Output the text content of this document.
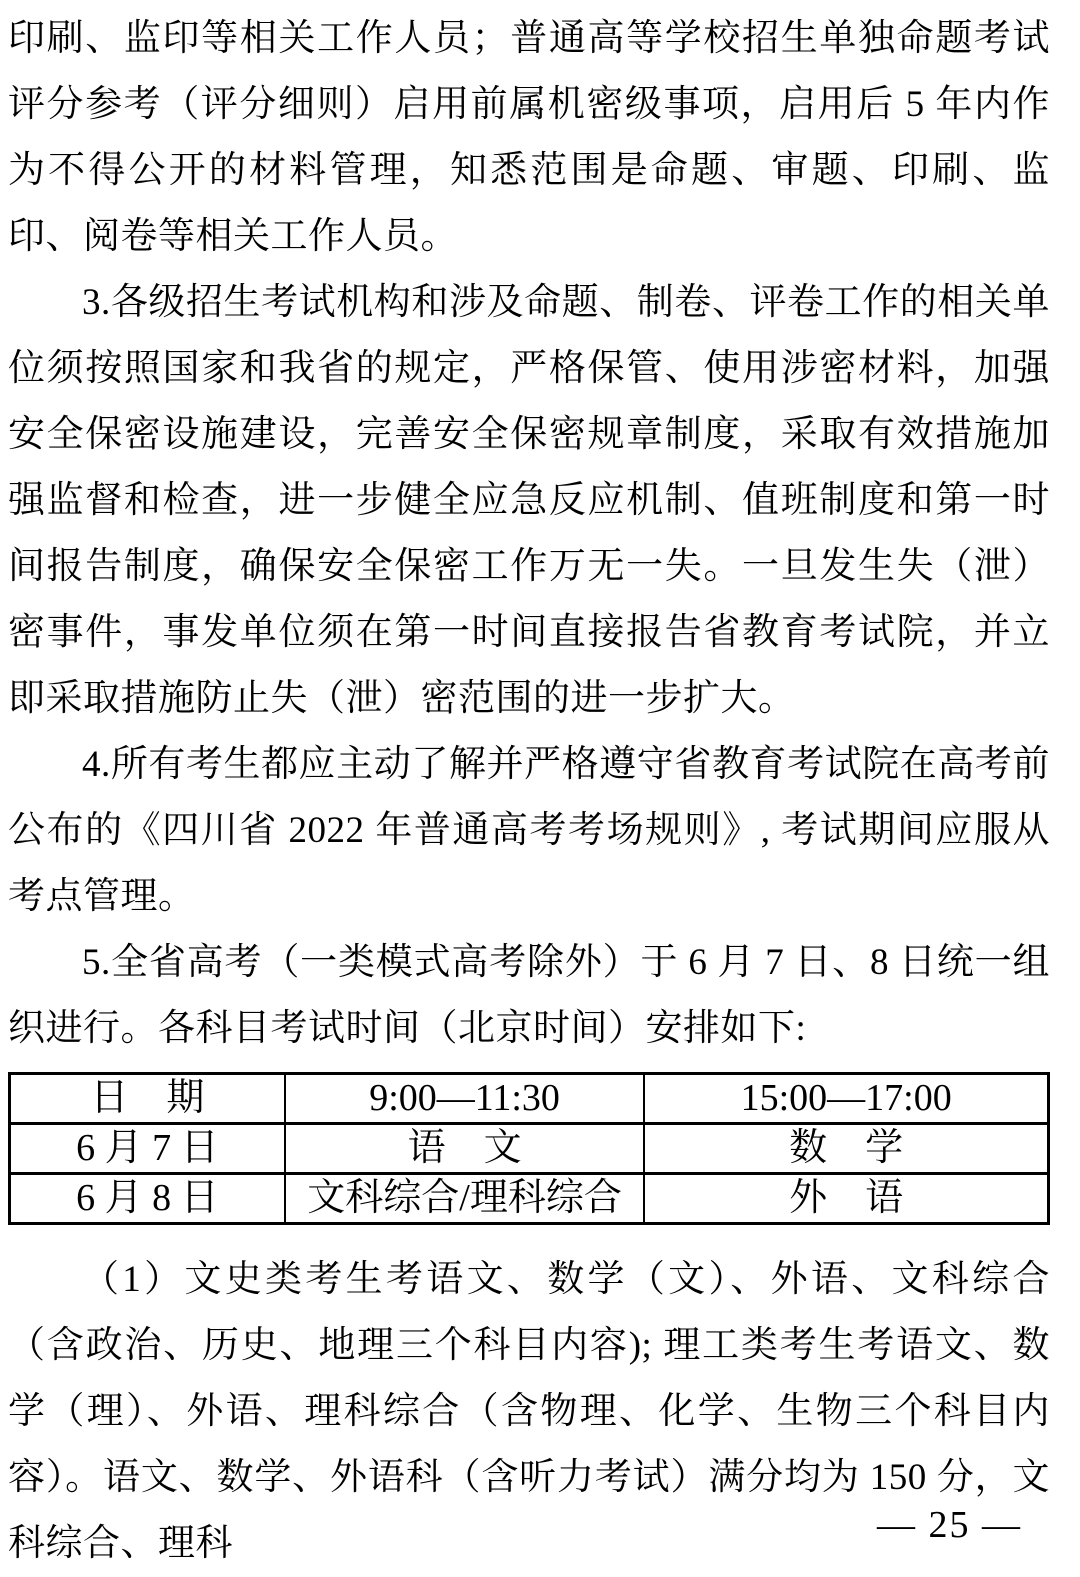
印刷、监印等相关工作人员；普通高等学校招生单独命题考试评分参考（评分细则）启用前属机密级事项，启用后 5 年内作为不得公开的材料管理，知悉范围是命题、审题、印刷、监印、阅卷等相关工作人员。

3.各级招生考试机构和涉及命题、制卷、评卷工作的相关单位须按照国家和我省的规定，严格保管、使用涉密材料，加强安全保密设施建设，完善安全保密规章制度，采取有效措施加强监督和检查，进一步健全应急反应机制、值班制度和第一时间报告制度，确保安全保密工作万无一失。一旦发生失（泄）密事件，事发单位须在第一时间直接报告省教育考试院，并立即采取措施防止失（泄）密范围的进一步扩大。

4.所有考生都应主动了解并严格遵守省教育考试院在高考前公布的《四川省 2022 年普通高考考场规则》, 考试期间应服从考点管理。

5.全省高考（一类模式高考除外）于 6 月 7 日、8 日统一组织进行。各科目考试时间（北京时间）安排如下:

日　期	9:00—11:30	15:00—17:00
6 月 7 日	语　文	数　学
6 月 8 日	文科综合/理科综合	外　语

（1）文史类考生考语文、数学（文）、外语、文科综合（含政治、历史、地理三个科目内容); 理工类考生考语文、数学（理）、外语、理科综合（含物理、化学、生物三个科目内容）。语文、数学、外语科（含听力考试）满分均为 150 分，文科综合、理科	— 25 —
